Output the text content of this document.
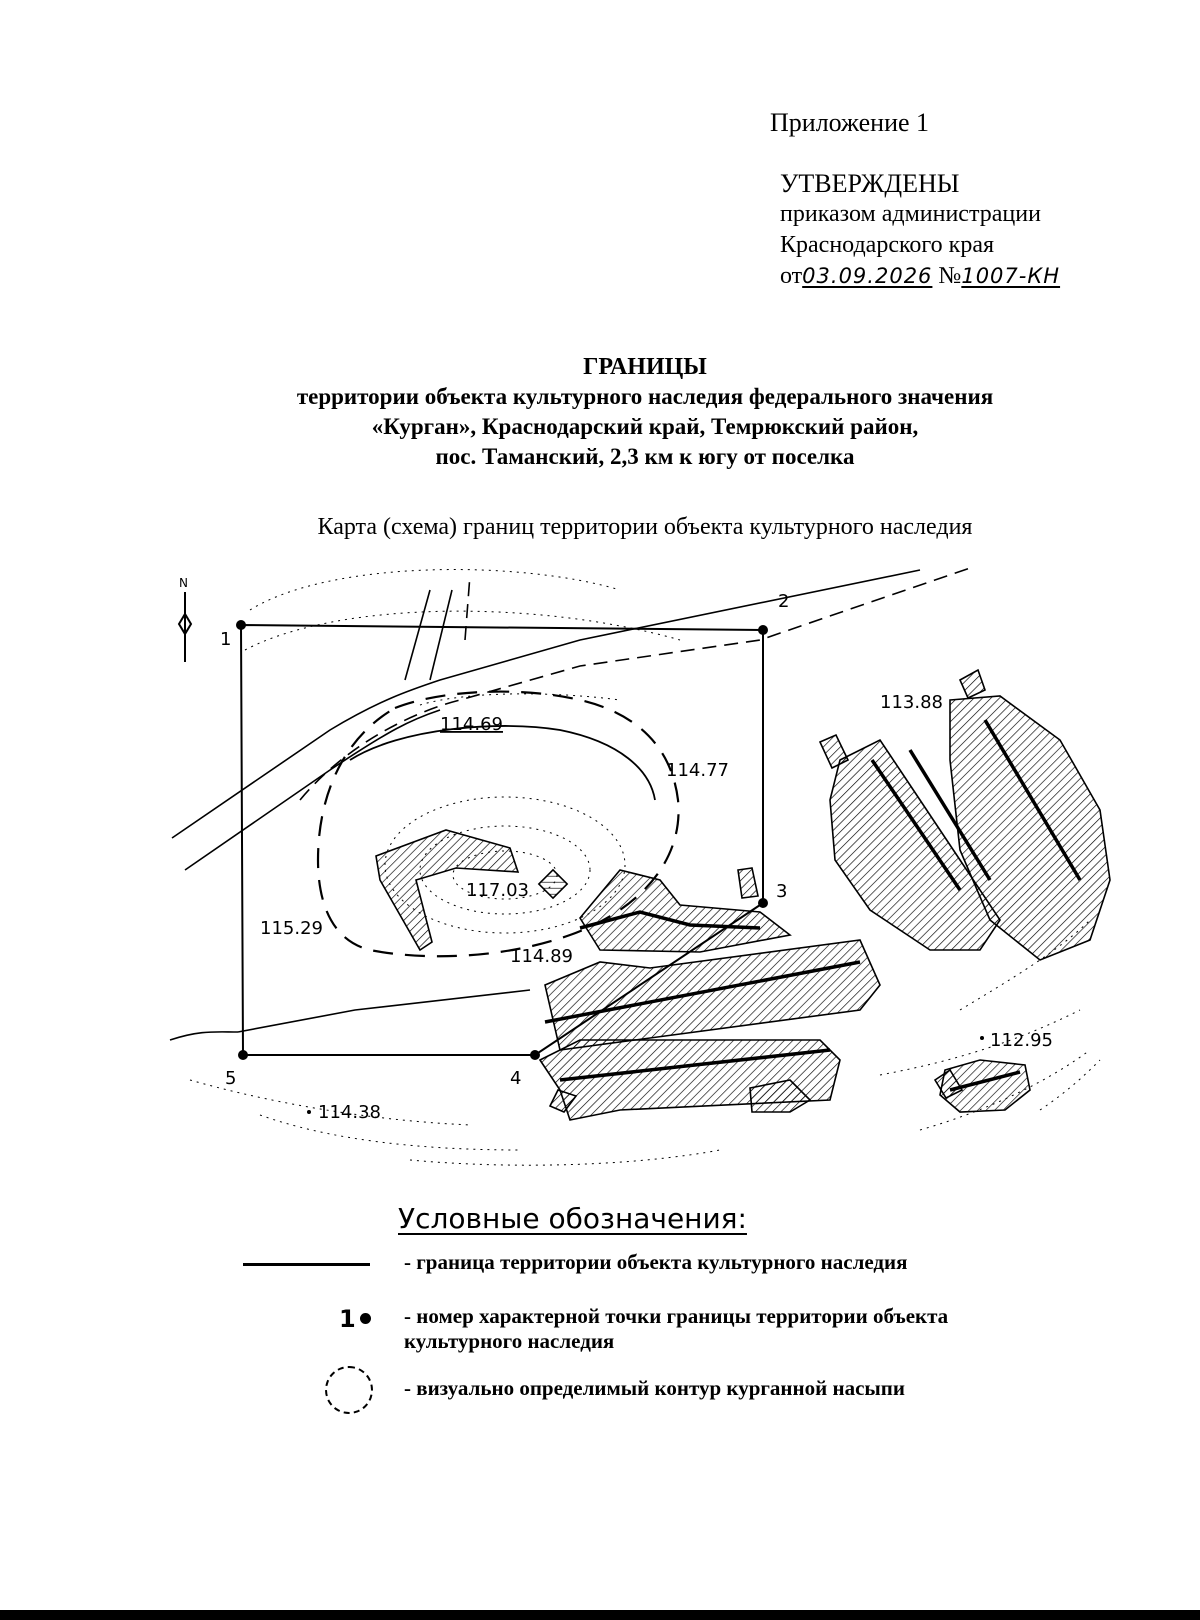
Приложение 1
УТВЕРЖДЕНЫ
приказом администрации
Краснодарского края
от03.09.2026 №1007-КН
ГРАНИЦЫ
территории объекта культурного наследия федерального значения
«Курган», Краснодарский край, Темрюкский район,
пос. Таманский, 2,3 км к югу от поселка
Карта (схема) границ территории объекта культурного наследия
N
1
2
3
4
5
114.69
114.77
113.88
117.03
115.29
114.89
112.95
114.38
Условные обозначения:
- граница территории объекта культурного наследия
1 - номер характерной точки границы территории объекта культурного наследия
- визуально определимый контур курганной насыпи
